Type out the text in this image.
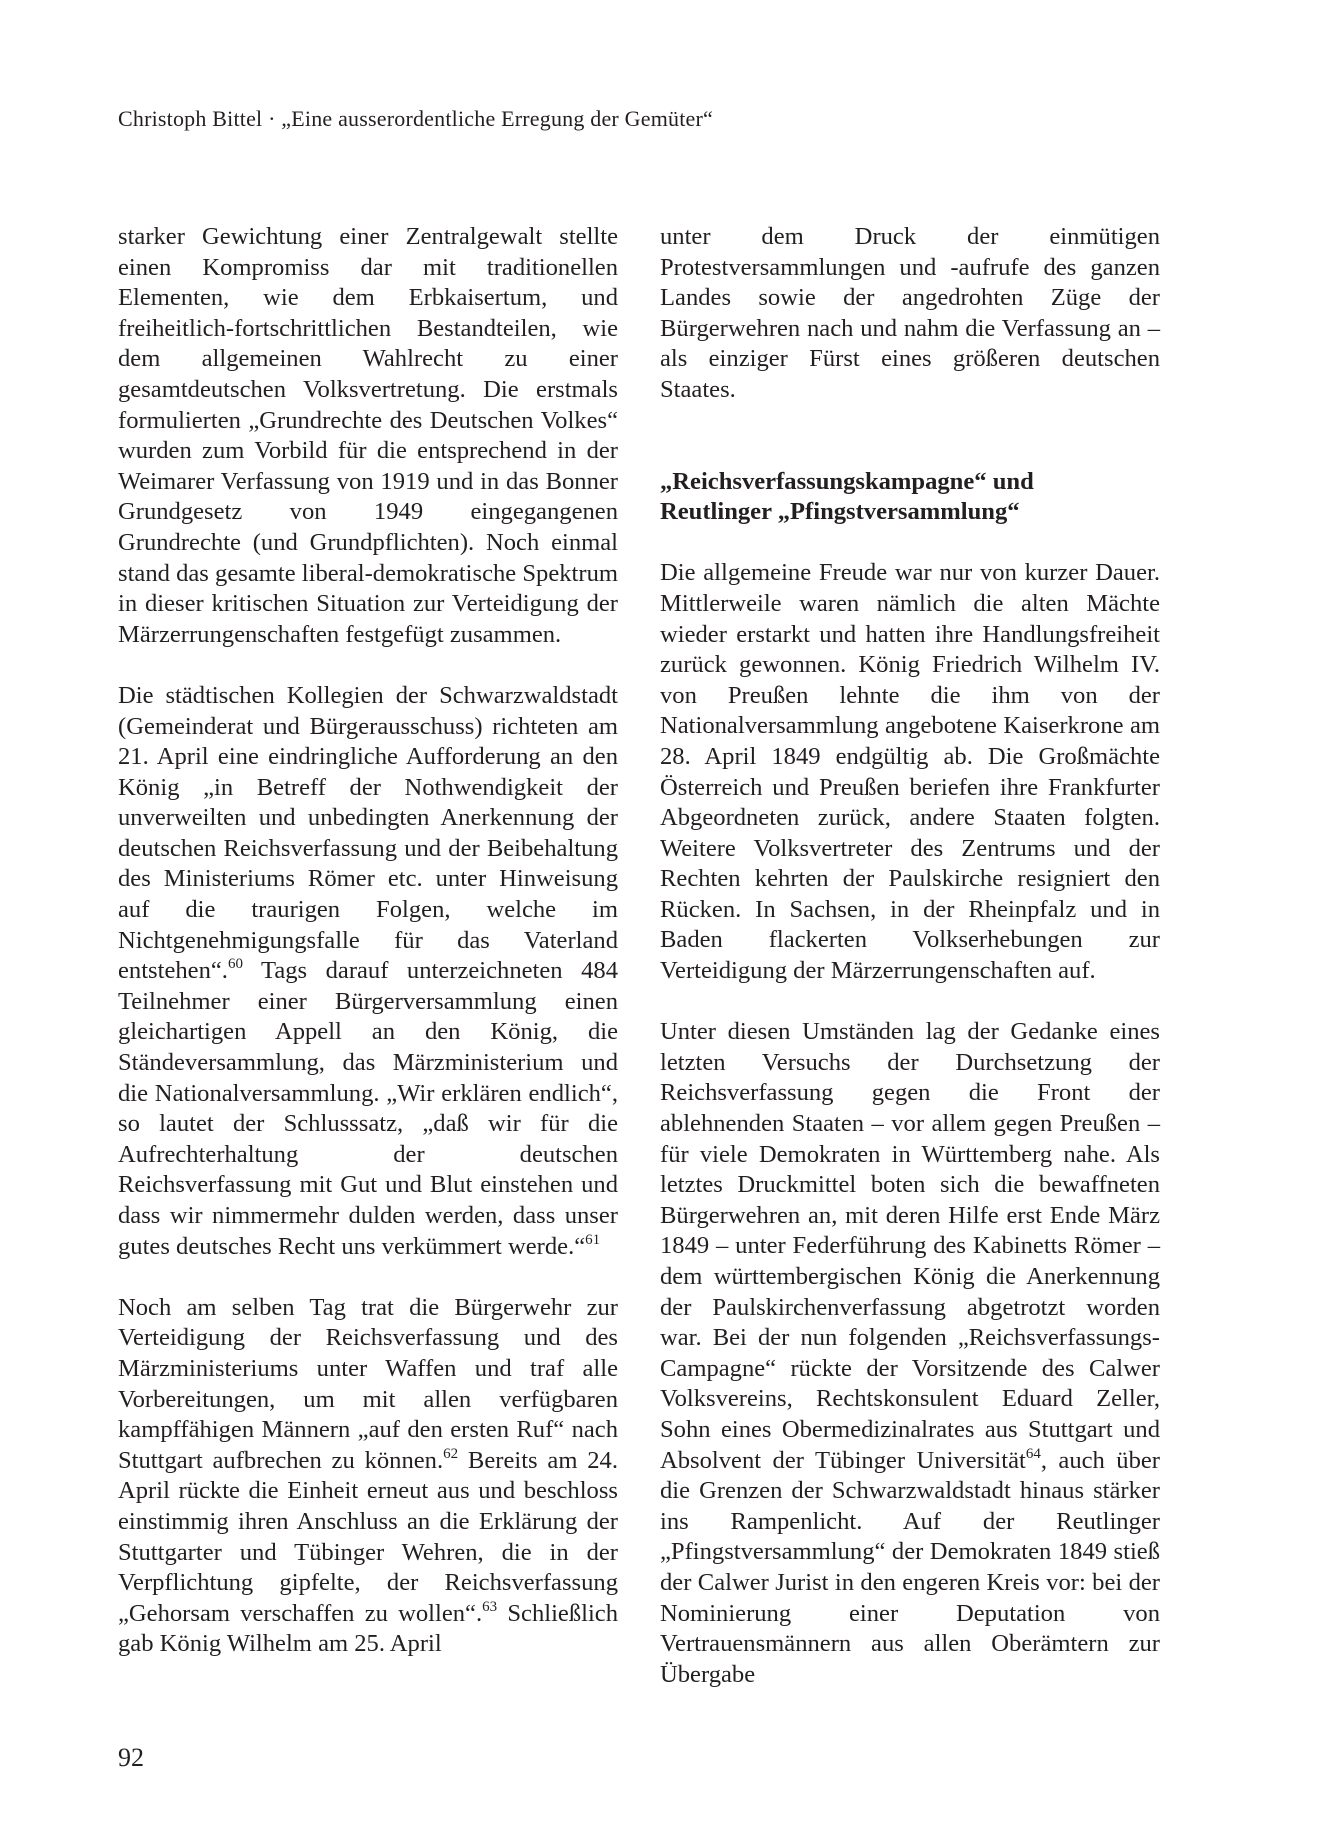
Christoph Bittel · „Eine ausserordentliche Erregung der Gemüter“

starker Gewichtung einer Zentralgewalt stellte einen Kompromiss dar mit traditionellen Elementen, wie dem Erbkaisertum, und freiheitlich-fortschrittlichen Bestandteilen, wie dem allgemeinen Wahlrecht zu einer gesamtdeutschen Volksvertretung. Die erstmals formulierten „Grundrechte des Deutschen Volkes“ wurden zum Vorbild für die entsprechend in der Weimarer Verfassung von 1919 und in das Bonner Grundgesetz von 1949 eingegangenen Grundrechte (und Grundpflichten). Noch einmal stand das gesamte liberal-demokratische Spektrum in dieser kritischen Situation zur Verteidigung der Märzerrungenschaften festgefügt zusammen.

Die städtischen Kollegien der Schwarzwaldstadt (Gemeinderat und Bürgerausschuss) richteten am 21. April eine eindringliche Aufforderung an den König „in Betreff der Nothwendigkeit der unverweilten und unbedingten Anerkennung der deutschen Reichsverfassung und der Beibehaltung des Ministeriums Römer etc. unter Hinweisung auf die traurigen Folgen, welche im Nichtgenehmigungsfalle für das Vaterland entstehen“.$^{60}$ Tags darauf unterzeichneten 484 Teilnehmer einer Bürgerversammlung einen gleichartigen Appell an den König, die Ständeversammlung, das Märzministerium und die Nationalversammlung. „Wir erklären endlich“, so lautet der Schlusssatz, „daß wir für die Aufrechterhaltung der deutschen Reichsverfassung mit Gut und Blut einstehen und dass wir nimmermehr dulden werden, dass unser gutes deutsches Recht uns verkümmert werde.“$^{61}$

Noch am selben Tag trat die Bürgerwehr zur Verteidigung der Reichsverfassung und des Märzministeriums unter Waffen und traf alle Vorbereitungen, um mit allen verfügbaren kampffähigen Männern „auf den ersten Ruf“ nach Stuttgart aufbrechen zu können.$^{62}$ Bereits am 24. April rückte die Einheit erneut aus und beschloss einstimmig ihren Anschluss an die Erklärung der Stuttgarter und Tübinger Wehren, die in der Verpflichtung gipfelte, der Reichsverfassung „Gehorsam verschaffen zu wollen“.$^{63}$ Schließlich gab König Wilhelm am 25. April

unter dem Druck der einmütigen Protestversammlungen und -aufrufe des ganzen Landes sowie der angedrohten Züge der Bürgerwehren nach und nahm die Verfassung an – als einziger Fürst eines größeren deutschen Staates.

„Reichsverfassungskampagne“ und
Reutlinger „Pfingstversammlung“

Die allgemeine Freude war nur von kurzer Dauer. Mittlerweile waren nämlich die alten Mächte wieder erstarkt und hatten ihre Handlungsfreiheit zurück gewonnen. König Friedrich Wilhelm IV. von Preußen lehnte die ihm von der Nationalversammlung angebotene Kaiserkrone am 28. April 1849 endgültig ab. Die Großmächte Österreich und Preußen beriefen ihre Frankfurter Abgeordneten zurück, andere Staaten folgten. Weitere Volksvertreter des Zentrums und der Rechten kehrten der Paulskirche resigniert den Rücken. In Sachsen, in der Rheinpfalz und in Baden flackerten Volkserhebungen zur Verteidigung der Märzerrungenschaften auf.

Unter diesen Umständen lag der Gedanke eines letzten Versuchs der Durchsetzung der Reichsverfassung gegen die Front der ablehnenden Staaten – vor allem gegen Preußen – für viele Demokraten in Württemberg nahe. Als letztes Druckmittel boten sich die bewaffneten Bürgerwehren an, mit deren Hilfe erst Ende März 1849 – unter Federführung des Kabinetts Römer – dem württembergischen König die Anerkennung der Paulskirchenverfassung abgetrotzt worden war. Bei der nun folgenden „Reichsverfassungs-Campagne“ rückte der Vorsitzende des Calwer Volksvereins, Rechtskonsulent Eduard Zeller, Sohn eines Obermedizinalrates aus Stuttgart und Absolvent der Tübinger Universität$^{64}$, auch über die Grenzen der Schwarzwaldstadt hinaus stärker ins Rampenlicht. Auf der Reutlinger „Pfingstversammlung“ der Demokraten 1849 stieß der Calwer Jurist in den engeren Kreis vor: bei der Nominierung einer Deputation von Vertrauensmännern aus allen Oberämtern zur Übergabe

92
